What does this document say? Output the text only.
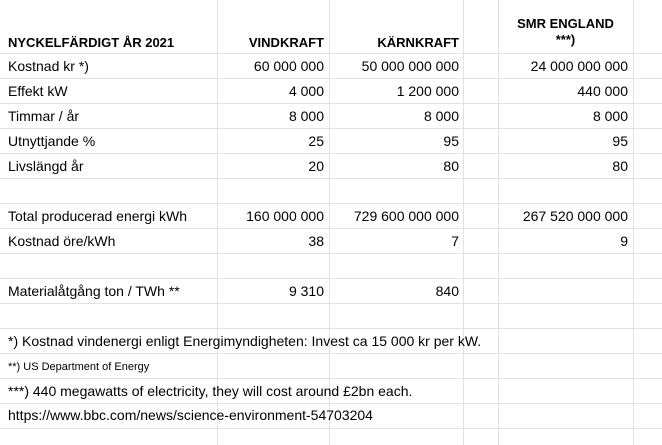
NYCKELFÄRDIGT ÅR 2021	VINDKRAFT	KÄRNKRAFT
SMR ENGLAND
***)
Kostnad kr *)	60 000 000	50 000 000 000	24 000 000 000
Effekt kW	4 000	1 200 000	440 000
Timmar / år	8 000	8 000	8 000
Utnyttjande %	25	95	95
Livslängd år	20	80	80
Total producerad energi kWh	160 000 000	729 600 000 000	267 520 000 000
Kostnad öre/kWh	38	7	9
Materialåtgång ton / TWh **	9 310	840
*) Kostnad vindenergi enligt Energimyndigheten: Invest ca 15 000 kr per kW.
**) US Department of Energy
***) 440 megawatts of electricity, they will cost around £2bn each.
https://www.bbc.com/news/science-environment-54703204
